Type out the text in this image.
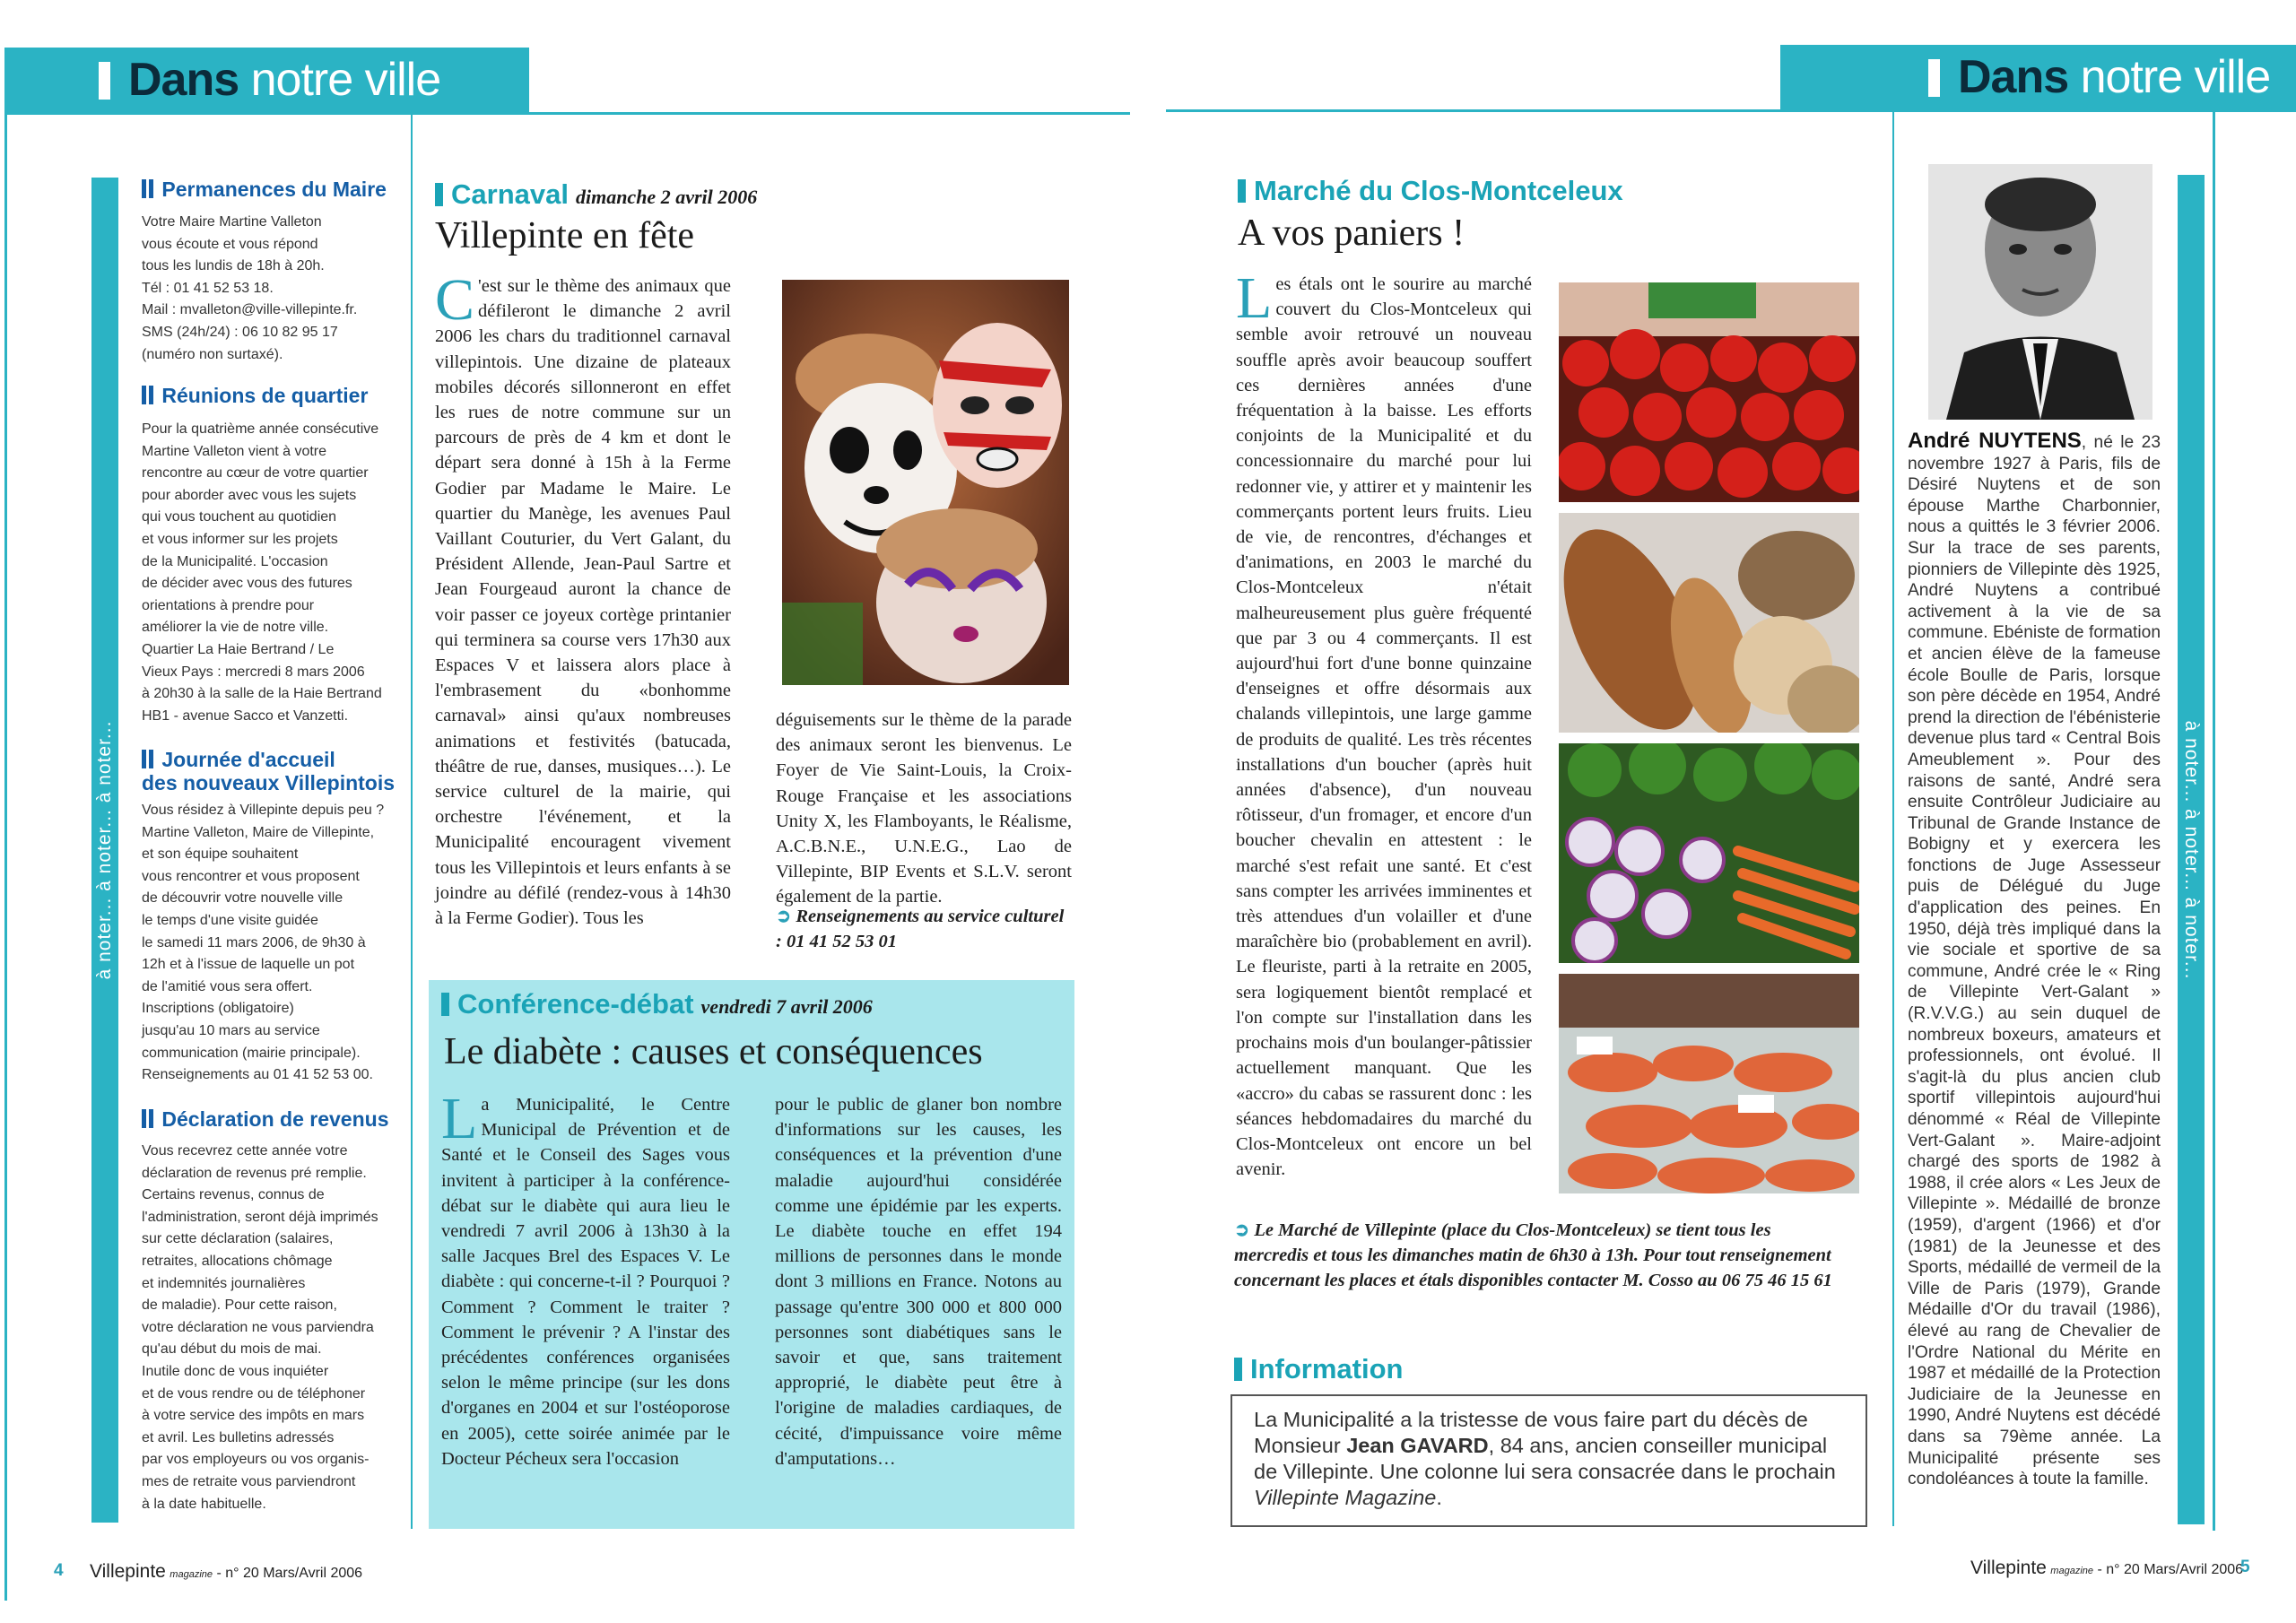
Dans notre ville	Dans notre ville
à noter... à noter... à noter...
Permanences du Maire
Votre Maire Martine Valleton
vous écoute et vous répond
tous les lundis de 18h à 20h.
Tél : 01 41 52 53 18.
Mail : mvalleton@ville-villepinte.fr.
SMS (24h/24) : 06 10 82 95 17
(numéro non surtaxé).
Réunions de quartier
Pour la quatrième année consécutive
Martine Valleton vient à votre
rencontre au cœur de votre quartier
pour aborder avec vous les sujets
qui vous touchent au quotidien
et vous informer sur les projets
de la Municipalité. L'occasion
de décider avec vous des futures
orientations à prendre pour
améliorer la vie de notre ville.
Quartier La Haie Bertrand / Le
Vieux Pays : mercredi 8 mars 2006
à 20h30 à la salle de la Haie Bertrand
HB1 - avenue Sacco et Vanzetti.
Journée d'accueil
des nouveaux Villepintois
Vous résidez à Villepinte depuis peu ?
Martine Valleton, Maire de Villepinte,
et son équipe souhaitent
vous rencontrer et vous proposent
de découvrir votre nouvelle ville
le temps d'une visite guidée
le samedi 11 mars 2006, de 9h30 à
12h et à l'issue de laquelle un pot
de l'amitié vous sera offert.
Inscriptions (obligatoire)
jusqu'au 10 mars au service
communication (mairie principale).
Renseignements au 01 41 52 53 00.
Déclaration de revenus
Vous recevrez cette année votre
déclaration de revenus pré remplie.
Certains revenus, connus de
l'administration, seront déjà imprimés
sur cette déclaration (salaires,
retraites, allocations chômage
et indemnités journalières
de maladie). Pour cette raison,
votre déclaration ne vous parviendra
qu'au début du mois de mai.
Inutile donc de vous inquiéter
et de vous rendre ou de téléphoner
à votre service des impôts en mars
et avril. Les bulletins adressés
par vos employeurs ou vos organis-
mes de retraite vous parviendront
à la date habituelle.
Carnaval dimanche 2 avril 2006
Villepinte en fête
C 'est sur le thème des animaux que défileront le dimanche 2 avril 2006 les chars du traditionnel carnaval villepintois. Une dizaine de plateaux mobiles décorés sillonneront en effet les rues de notre commune sur un parcours de près de 4 km et dont le départ sera donné à 15h à la Ferme Godier par Madame le Maire. Le quartier du Manège, les avenues Paul Vaillant Couturier, du Vert Galant, du Président Allende, Jean-Paul Sartre et Jean Fourgeaud auront la chance de voir passer ce joyeux cortège printanier qui terminera sa course vers 17h30 aux Espaces V et laissera alors place à l'embrasement du «bonhomme carnaval» ainsi qu'aux nombreuses animations et festivités (batucada, théâtre de rue, danses, musiques…). Le service culturel de la mairie, qui orchestre l'événement, et la Municipalité encouragent vivement tous les Villepintois et leurs enfants à se joindre au défilé (rendez-vous à 14h30 à la Ferme Godier). Tous les
déguisements sur le thème de la parade des animaux seront les bienvenus. Le Foyer de Vie Saint-Louis, la Croix-Rouge Française et les associations Unity X, les Flamboyants, le Réalisme, A.C.B.N.E., U.N.E.G., Lao de Villepinte, BIP Events et S.L.V. seront également de la partie.
➲ Renseignements au service culturel : 01 41 52 53 01
Conférence-débat vendredi 7 avril 2006
Le diabète : causes et conséquences
La Municipalité, le Centre Municipal de Prévention et de Santé et le Conseil des Sages vous invitent à participer à la conférence-débat sur le diabète qui aura lieu le vendredi 7 avril 2006 à 13h30 à la salle Jacques Brel des Espaces V. Le diabète : qui concerne-t-il ? Pourquoi ? Comment ? Comment le traiter ? Comment le prévenir ? A l'instar des précédentes conférences organisées selon le même principe (sur les dons d'organes en 2004 et sur l'ostéoporose en 2005), cette soirée animée par le Docteur Pécheux sera l'occasion
pour le public de glaner bon nombre d'informations sur les causes, les conséquences et la prévention d'une maladie aujourd'hui considérée comme une épidémie par les experts. Le diabète touche en effet 194 millions de personnes dans le monde dont 3 millions en France. Notons au passage qu'entre 300 000 et 800 000 personnes sont diabétiques sans le savoir et que, sans traitement approprié, le diabète peut être à l'origine de maladies cardiaques, de cécité, d'impuissance voire même d'amputations…
Marché du Clos-Montceleux
A vos paniers !
Les étals ont le sourire au marché couvert du Clos-Montceleux qui semble avoir retrouvé un nouveau souffle après avoir beaucoup souffert ces dernières années d'une fréquentation à la baisse. Les efforts conjoints de la Municipalité et du concessionnaire du marché pour lui redonner vie, y attirer et y maintenir les commerçants portent leurs fruits. Lieu de vie, de rencontres, d'échanges et d'animations, en 2003 le marché du Clos-Montceleux n'était malheureusement plus guère fréquenté que par 3 ou 4 commerçants. Il est aujourd'hui fort d'une bonne quinzaine d'enseignes et offre désormais aux chalands villepintois, une large gamme de produits de qualité. Les très récentes installations d'un boucher (après huit années d'absence), d'un nouveau rôtisseur, d'un fromager, et encore d'un boucher chevalin en attestent : le marché s'est refait une santé. Et c'est sans compter les arrivées imminentes et très attendues d'un volailler et d'une maraîchère bio (probablement en avril). Le fleuriste, parti à la retraite en 2005, sera logiquement bientôt remplacé et l'on compte sur l'installation dans les prochains mois d'un boulanger-pâtissier actuellement manquant. Que les «accro» du cabas se rassurent donc : les séances hebdomadaires du marché du Clos-Montceleux ont encore un bel avenir.
➲ Le Marché de Villepinte (place du Clos-Montceleux) se tient tous les mercredis et tous les dimanches matin de 6h30 à 13h. Pour tout renseignement concernant les places et étals disponibles contacter M. Cosso au 06 75 46 15 61
Information
La Municipalité a la tristesse de vous faire part du décès de Monsieur Jean GAVARD, 84 ans, ancien conseiller municipal de Villepinte. Une colonne lui sera consacrée dans le prochain Villepinte Magazine.
André NUYTENS, né le 23 novembre 1927 à Paris, fils de Désiré Nuytens et de son épouse Marthe Charbonnier, nous a quittés le 3 février 2006. Sur la trace de ses parents, pionniers de Villepinte dès 1925, André Nuytens a contribué activement à la vie de sa commune. Ebéniste de formation et ancien élève de la fameuse école Boulle de Paris, lorsque son père décède en 1954, André prend la direction de l'ébénisterie devenue plus tard « Central Bois Ameublement ». Pour des raisons de santé, André sera ensuite Contrôleur Judiciaire au Tribunal de Grande Instance de Bobigny et y exercera les fonctions de Juge Assesseur puis de Délégué du Juge d'application des peines. En 1950, déjà très impliqué dans la vie sociale et sportive de sa commune, André crée le « Ring de Villepinte Vert-Galant » (R.V.V.G.) au sein duquel de nombreux boxeurs, amateurs et professionnels, ont évolué. Il s'agit-là du plus ancien club sportif villepintois aujourd'hui dénommé « Réal de Villepinte Vert-Galant ». Maire-adjoint chargé des sports de 1982 à 1988, il crée alors « Les Jeux de Villepinte ». Médaillé de bronze (1959), d'argent (1966) et d'or (1981) de la Jeunesse et des Sports, médaillé de vermeil de la Ville de Paris (1979), Grande Médaille d'Or du travail (1986), élevé au rang de Chevalier de l'Ordre National du Mérite en 1987 et médaillé de la Protection Judiciaire de la Jeunesse en 1990, André Nuytens est décédé dans sa 79ème année. La Municipalité présente ses condoléances à toute la famille.
à noter... à noter... à noter...
4 Villepinte magazine - n° 20 Mars/Avril 2006	Villepinte magazine - n° 20 Mars/Avril 2006
5
